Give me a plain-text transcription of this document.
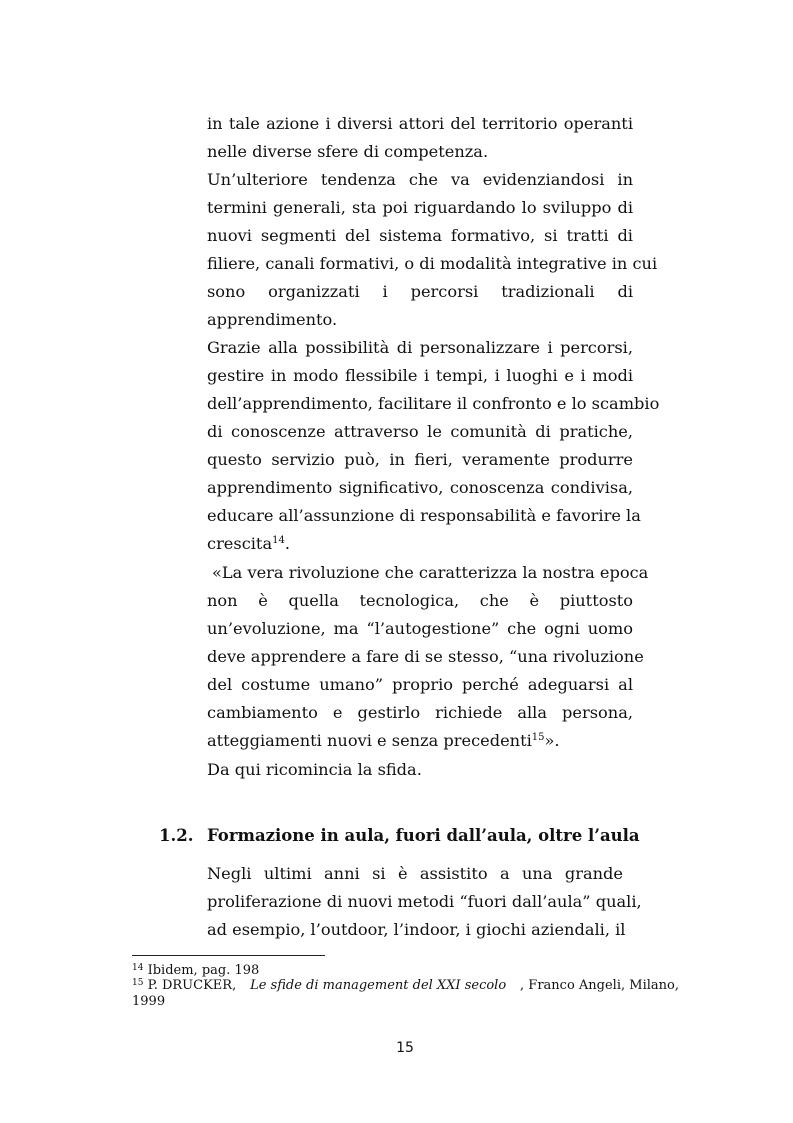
in tale azione i diversi attori del territorio operanti
nelle diverse sfere di competenza.
Un’ulteriore tendenza che va evidenziandosi in
termini generali, sta poi riguardando lo sviluppo di
nuovi segmenti del sistema formativo, si tratti di
filiere, canali formativi, o di modalità integrative in cui
sono organizzati i percorsi tradizionali di
apprendimento.
Grazie alla possibilità di personalizzare i percorsi,
gestire in modo flessibile i tempi, i luoghi e i modi
dell’apprendimento, facilitare il confronto e lo scambio
di conoscenze attraverso le comunità di pratiche,
questo servizio può, in fieri, veramente produrre
apprendimento significativo, conoscenza condivisa,
educare all’assunzione di responsabilità e favorire la
crescita$^{14}$.
«La vera rivoluzione che caratterizza la nostra epoca
non è quella tecnologica, che è piuttosto
un’evoluzione, ma “l’autogestione” che ogni uomo
deve apprendere a fare di se stesso, “una rivoluzione
del costume umano” proprio perché adeguarsi al
cambiamento e gestirlo richiede alla persona,
atteggiamenti nuovi e senza precedenti$^{15}$».
Da qui ricomincia la sfida.
1.2. Formazione in aula, fuori dall’aula, oltre l’aula
Negli ultimi anni si è assistito a una grande
proliferazione di nuovi metodi “fuori dall’aula” quali,
ad esempio, l’outdoor, l’indoor, i giochi aziendali, il
$^{14}$ Ibidem, pag. 198
$^{15}$ P. DRUCKER, Le sfide di management del XXI secolo , Franco Angeli, Milano,
1999
15
